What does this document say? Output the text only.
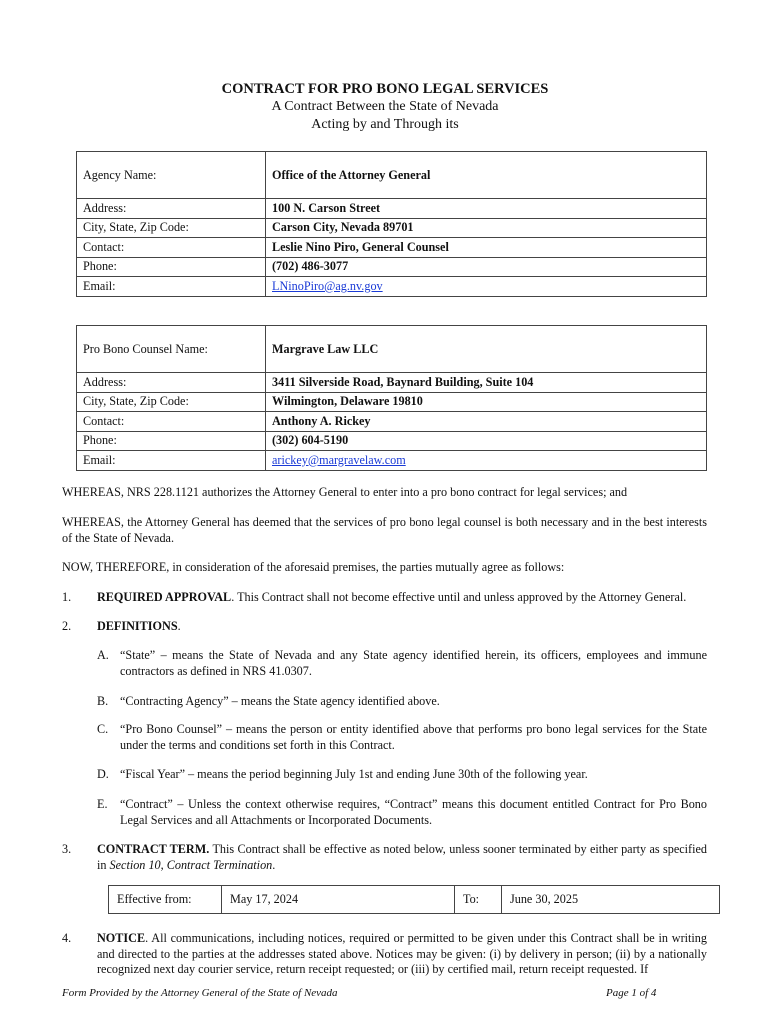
CONTRACT FOR PRO BONO LEGAL SERVICES
A Contract Between the State of Nevada
Acting by and Through its
Agency Name:	Office of the Attorney General
Address:	100 N. Carson Street
City, State, Zip Code:	Carson City, Nevada 89701
Contact:	Leslie Nino Piro, General Counsel
Phone:	(702) 486-3077
Email:	LNinoPiro@ag.nv.gov
Pro Bono Counsel Name:	Margrave Law LLC
Address:	3411 Silverside Road, Baynard Building, Suite 104
City, State, Zip Code:	Wilmington, Delaware 19810
Contact:	Anthony A. Rickey
Phone:	(302) 604-5190
Email:	arickey@margravelaw.com
WHEREAS, NRS 228.1121 authorizes the Attorney General to enter into a pro bono contract for legal services; and
WHEREAS, the Attorney General has deemed that the services of pro bono legal counsel is both necessary and in the best interests of the State of Nevada.
NOW, THEREFORE, in consideration of the aforesaid premises, the parties mutually agree as follows:
1. REQUIRED APPROVAL. This Contract shall not become effective until and unless approved by the Attorney General.
2. DEFINITIONS.
A. “State” – means the State of Nevada and any State agency identified herein, its officers, employees and immune contractors as defined in NRS 41.0307.
B. “Contracting Agency” – means the State agency identified above.
C. “Pro Bono Counsel” – means the person or entity identified above that performs pro bono legal services for the State under the terms and conditions set forth in this Contract.
D. “Fiscal Year” – means the period beginning July 1st and ending June 30th of the following year.
E. “Contract” – Unless the context otherwise requires, “Contract” means this document entitled Contract for Pro Bono Legal Services and all Attachments or Incorporated Documents.
3. CONTRACT TERM. This Contract shall be effective as noted below, unless sooner terminated by either party as specified in Section 10, Contract Termination.
Effective from:	May 17, 2024	To:	June 30, 2025
4. NOTICE. All communications, including notices, required or permitted to be given under this Contract shall be in writing and directed to the parties at the addresses stated above. Notices may be given: (i) by delivery in person; (ii) by a nationally recognized next day courier service, return receipt requested; or (iii) by certified mail, return receipt requested. If
Form Provided by the Attorney General of the State of Nevada	Page 1 of 4
